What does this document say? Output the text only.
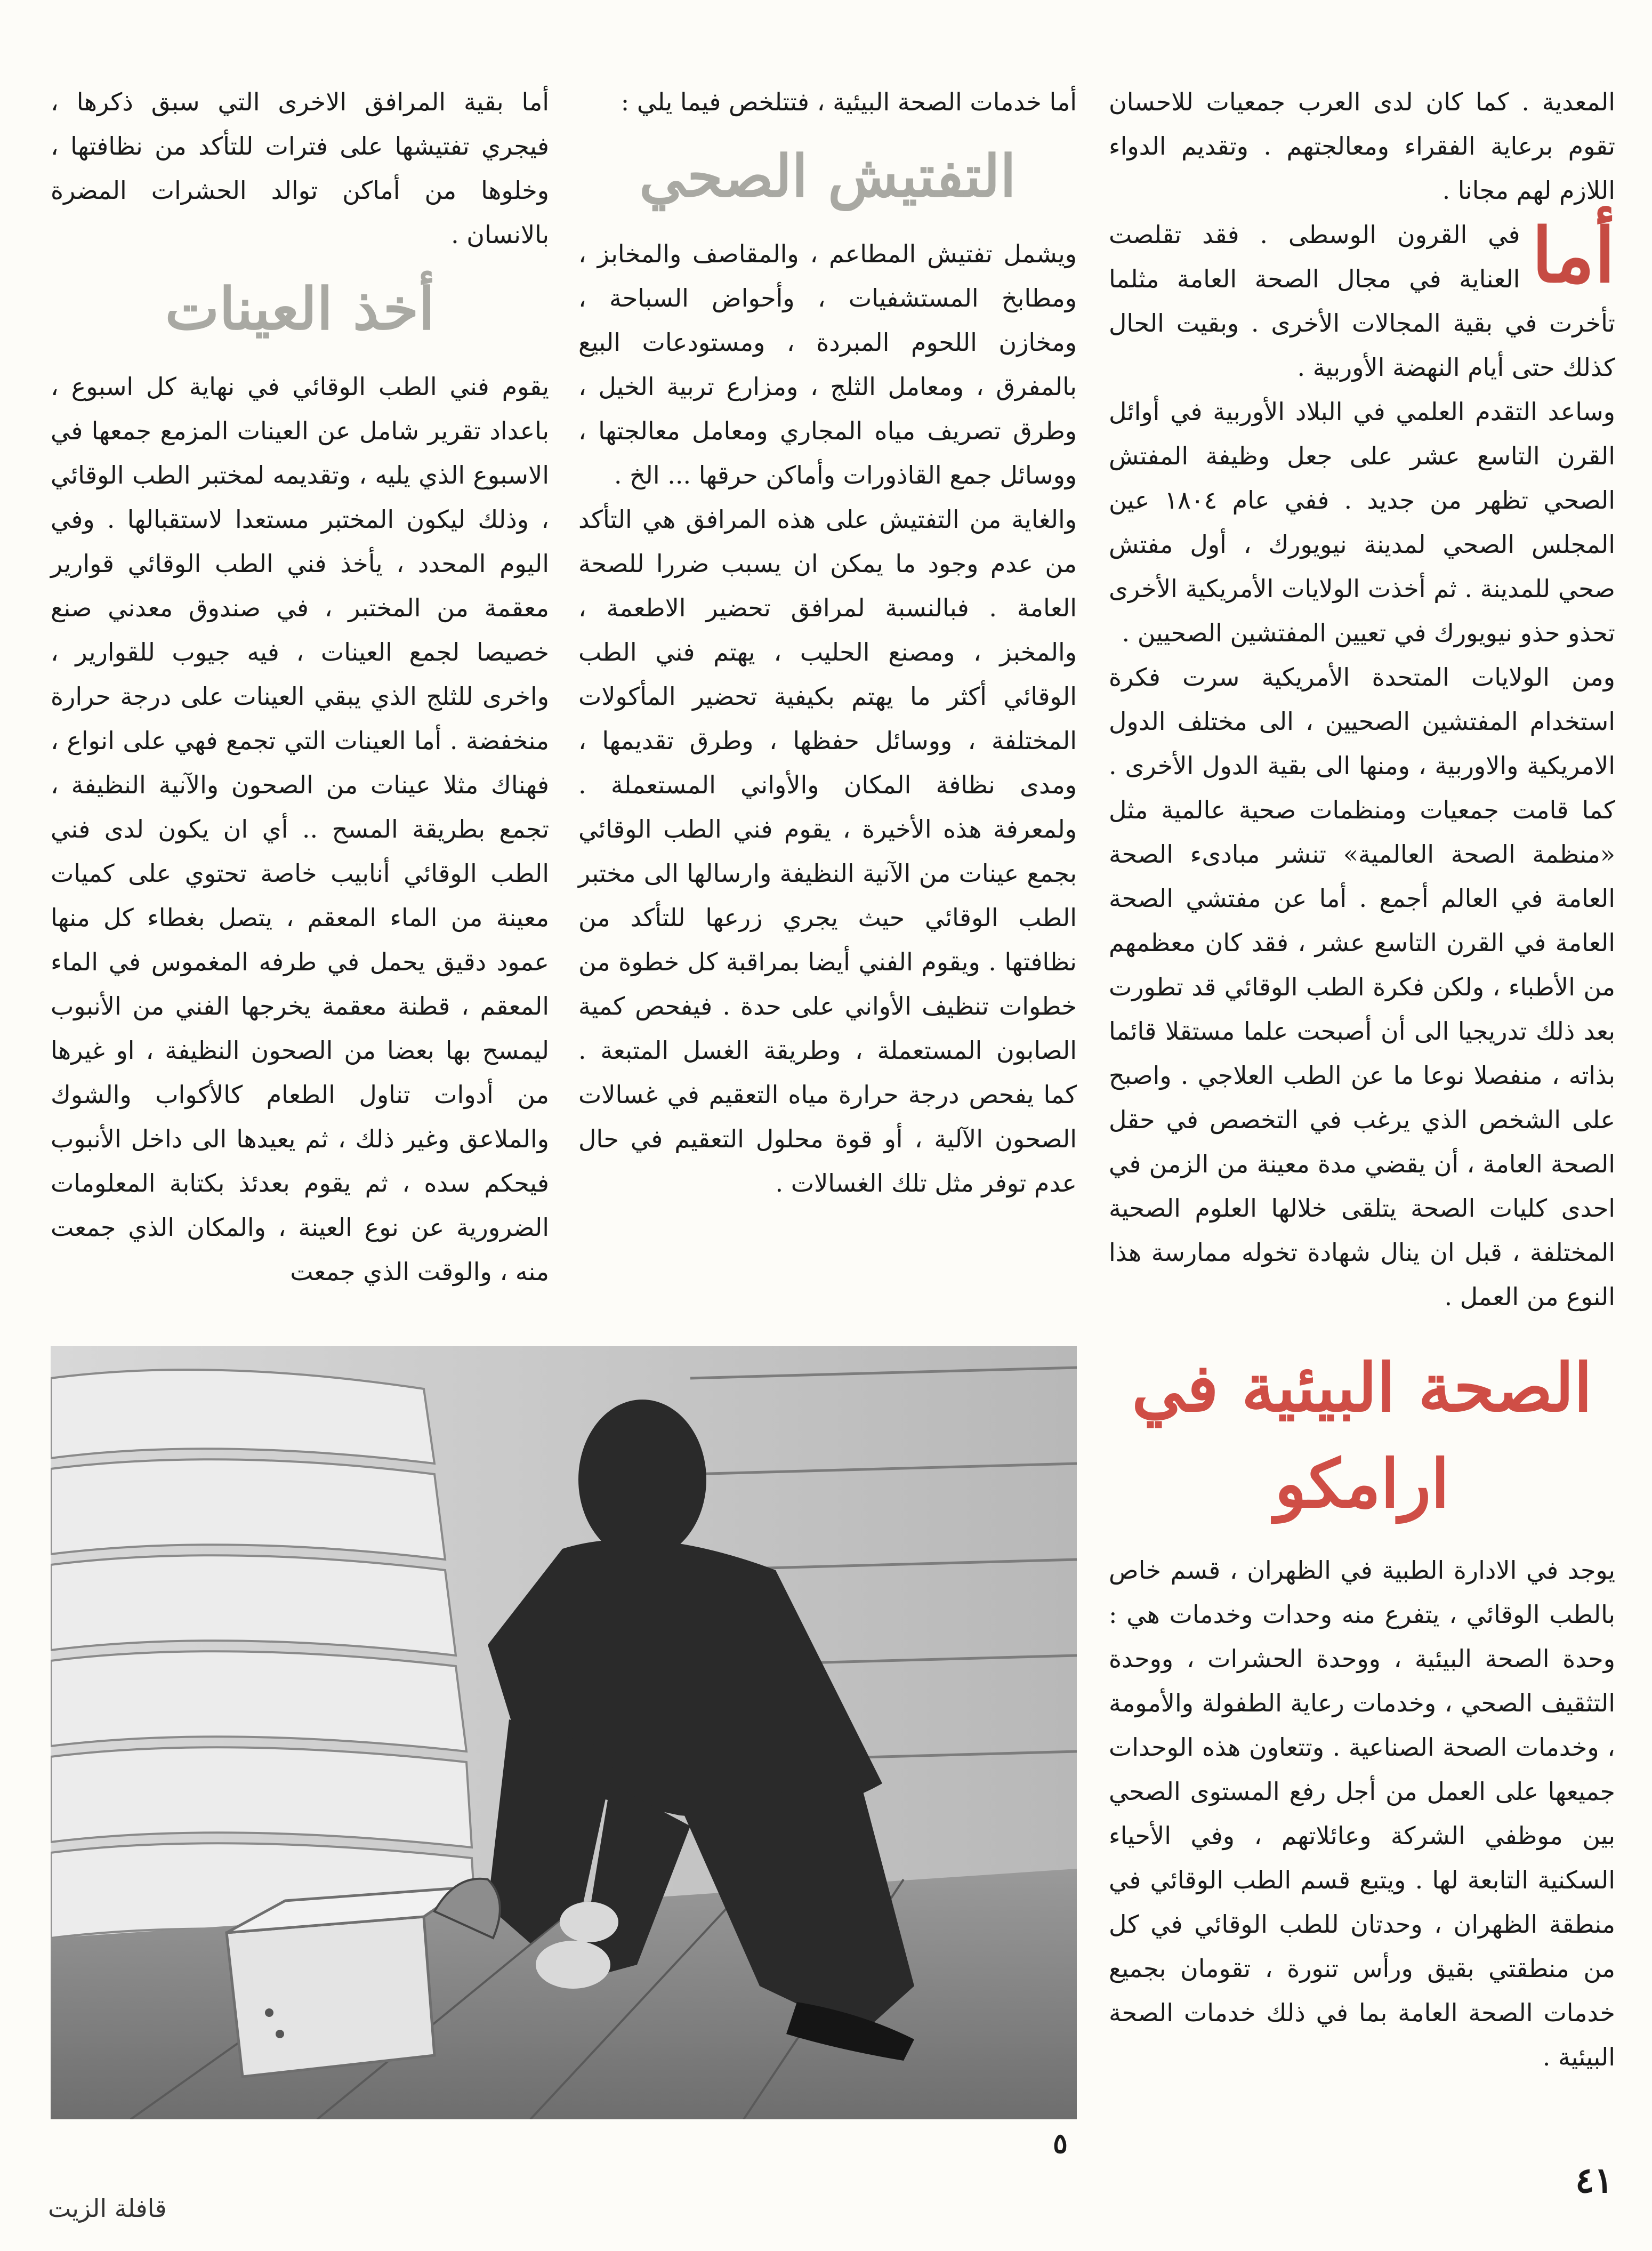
المعدية . كما كان لدى العرب جمعيات للاحسان تقوم برعاية الفقراء ومعالجتهم . وتقديم الدواء اللازم لهم مجانا .

أما
في القرون الوسطى . فقد تقلصت العناية في مجال الصحة العامة مثلما تأخرت في بقية المجالات الأخرى . وبقيت الحال كذلك حتى أيام النهضة الأوربية .

وساعد التقدم العلمي في البلاد الأوربية في أوائل القرن التاسع عشر على جعل وظيفة المفتش الصحي تظهر من جديد . ففي عام ١٨٠٤ عين المجلس الصحي لمدينة نيويورك ، أول مفتش صحي للمدينة . ثم أخذت الولايات الأمريكية الأخرى تحذو حذو نيويورك في تعيين المفتشين الصحيين .

ومن الولايات المتحدة الأمريكية سرت فكرة استخدام المفتشين الصحيين ، الى مختلف الدول الامريكية والاوربية ، ومنها الى بقية الدول الأخرى . كما قامت جمعيات ومنظمات صحية عالمية مثل «منظمة الصحة العالمية» تنشر مبادىء الصحة العامة في العالم أجمع . أما عن مفتشي الصحة العامة في القرن التاسع عشر ، فقد كان معظمهم من الأطباء ، ولكن فكرة الطب الوقائي قد تطورت بعد ذلك تدريجيا الى أن أصبحت علما مستقلا قائما بذاته ، منفصلا نوعا ما عن الطب العلاجي . واصبح على الشخص الذي يرغب في التخصص في حقل الصحة العامة ، أن يقضي مدة معينة من الزمن في احدى كليات الصحة يتلقى خلالها العلوم الصحية المختلفة ، قبل ان ينال شهادة تخوله ممارسة هذا النوع من العمل .

الصحة البيئية في ارامكو

يوجد في الادارة الطبية في الظهران ، قسم خاص بالطب الوقائي ، يتفرع منه وحدات وخدمات هي : وحدة الصحة البيئية ، ووحدة الحشرات ، ووحدة التثقيف الصحي ، وخدمات رعاية الطفولة والأمومة ، وخدمات الصحة الصناعية . وتتعاون هذه الوحدات جميعها على العمل من أجل رفع المستوى الصحي بين موظفي الشركة وعائلاتهم ، وفي الأحياء السكنية التابعة لها . ويتبع قسم الطب الوقائي في منطقة الظهران ، وحدتان للطب الوقائي في كل من منطقتي بقيق ورأس تنورة ، تقومان بجميع خدمات الصحة العامة بما في ذلك خدمات الصحة البيئية .

أما خدمات الصحة البيئية ، فتتلخص فيما يلي :

التفتيش الصحي

ويشمل تفتيش المطاعم ، والمقاصف والمخابز ، ومطابخ المستشفيات ، وأحواض السباحة ، ومخازن اللحوم المبردة ، ومستودعات البيع بالمفرق ، ومعامل الثلج ، ومزارع تربية الخيل ، وطرق تصريف مياه المجاري ومعامل معالجتها ، ووسائل جمع القاذورات وأماكن حرقها ... الخ .

والغاية من التفتيش على هذه المرافق هي التأكد من عدم وجود ما يمكن ان يسبب ضررا للصحة العامة . فبالنسبة لمرافق تحضير الاطعمة ، والمخبز ، ومصنع الحليب ، يهتم فني الطب الوقائي أكثر ما يهتم بكيفية تحضير المأكولات المختلفة ، ووسائل حفظها ، وطرق تقديمها ، ومدى نظافة المكان والأواني المستعملة . ولمعرفة هذه الأخيرة ، يقوم فني الطب الوقائي بجمع عينات من الآنية النظيفة وارسالها الى مختبر الطب الوقائي حيث يجري زرعها للتأكد من نظافتها . ويقوم الفني أيضا بمراقبة كل خطوة من خطوات تنظيف الأواني على حدة . فيفحص كمية الصابون المستعملة ، وطريقة الغسل المتبعة . كما يفحص درجة حرارة مياه التعقيم في غسالات الصحون الآلية ، أو قوة محلول التعقيم في حال عدم توفر مثل تلك الغسالات .

أما بقية المرافق الاخرى التي سبق ذكرها ، فيجري تفتيشها على فترات للتأكد من نظافتها ، وخلوها من أماكن توالد الحشرات المضرة بالانسان .

أخذ العينات

يقوم فني الطب الوقائي في نهاية كل اسبوع ، باعداد تقرير شامل عن العينات المزمع جمعها في الاسبوع الذي يليه ، وتقديمه لمختبر الطب الوقائي ، وذلك ليكون المختبر مستعدا لاستقبالها . وفي اليوم المحدد ، يأخذ فني الطب الوقائي قوارير معقمة من المختبر ، في صندوق معدني صنع خصيصا لجمع العينات ، فيه جيوب للقوارير ، واخرى للثلج الذي يبقي العينات على درجة حرارة منخفضة . أما العينات التي تجمع فهي على انواع ، فهناك مثلا عينات من الصحون والآنية النظيفة ، تجمع بطريقة المسح .. أي ان يكون لدى فني الطب الوقائي أنابيب خاصة تحتوي على كميات معينة من الماء المعقم ، يتصل بغطاء كل منها عمود دقيق يحمل في طرفه المغموس في الماء المعقم ، قطنة معقمة يخرجها الفني من الأنبوب ليمسح بها بعضا من الصحون النظيفة ، او غيرها من أدوات تناول الطعام كالأكواب والشوك والملاعق وغير ذلك ، ثم يعيدها الى داخل الأنبوب فيحكم سده ، ثم يقوم بعدئذ بكتابة المعلومات الضرورية عن نوع العينة ، والمكان الذي جمعت منه ، والوقت الذي جمعت

٥
٤١
قافلة الزيت
